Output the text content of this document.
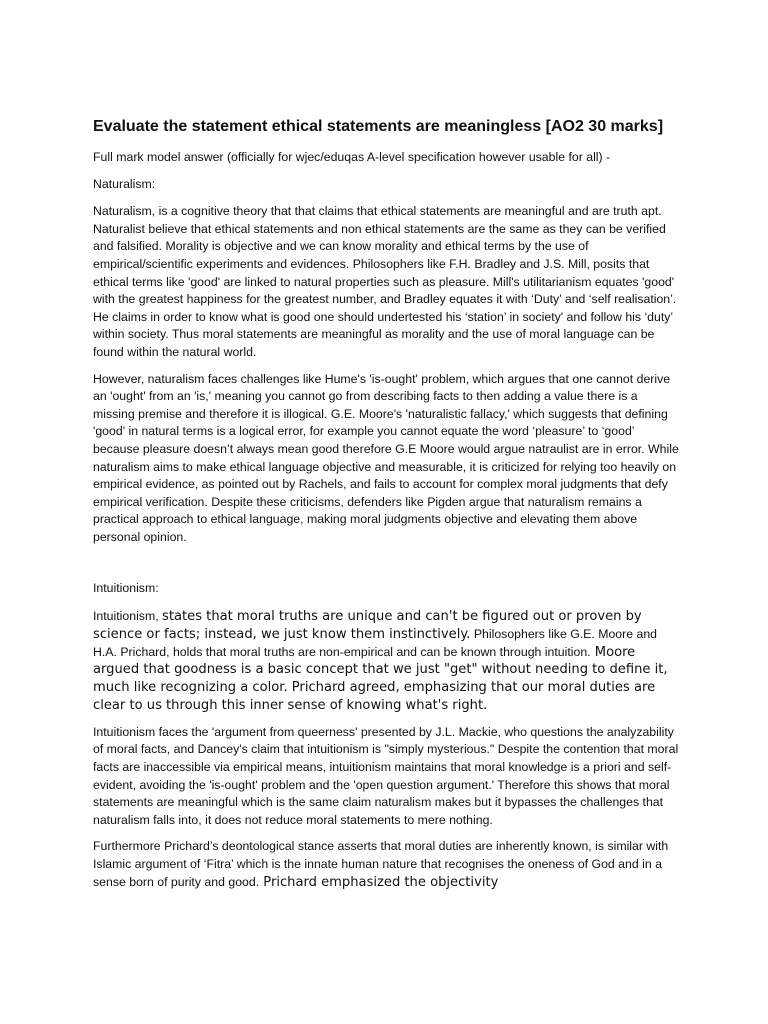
Evaluate the statement ethical statements are meaningless [AO2 30 marks]

Full mark model answer (officially for wjec/eduqas A-level specification however usable for all) -

Naturalism:

Naturalism, is a cognitive theory that that claims that ethical statements are meaningful and are truth apt. Naturalist believe that ethical statements and non ethical statements are the same as they can be verified and falsified. Morality is objective and we can know morality and ethical terms by the use of empirical/scientific experiments and evidences. Philosophers like F.H. Bradley and J.S. Mill, posits that ethical terms like 'good' are linked to natural properties such as pleasure. Mill's utilitarianism equates 'good' with the greatest happiness for the greatest number, and Bradley equates it with ‘Duty’ and ‘self realisation’. He claims in order to know what is good one should undertested his ‘station’ in society' and follow his ‘duty’ within society. Thus moral statements are meaningful as morality and the use of moral language can be found within the natural world.

However, naturalism faces challenges like Hume's 'is-ought' problem, which argues that one cannot derive an 'ought' from an 'is,' meaning you cannot go from describing facts to then adding a value there is a missing premise and therefore it is illogical. G.E. Moore's 'naturalistic fallacy,' which suggests that defining 'good' in natural terms is a logical error, for example you cannot equate the word ‘pleasure’ to ‘good’ because pleasure doesn’t always mean good therefore G.E Moore would argue natraulist are in error. While naturalism aims to make ethical language objective and measurable, it is criticized for relying too heavily on empirical evidence, as pointed out by Rachels, and fails to account for complex moral judgments that defy empirical verification. Despite these criticisms, defenders like Pigden argue that naturalism remains a practical approach to ethical language, making moral judgments objective and elevating them above personal opinion.

Intuitionism:

Intuitionism, states that moral truths are unique and can't be figured out or proven by science or facts; instead, we just know them instinctively. Philosophers like G.E. Moore and H.A. Prichard, holds that moral truths are non-empirical and can be known through intuition. Moore argued that goodness is a basic concept that we just "get" without needing to define it, much like recognizing a color. Prichard agreed, emphasizing that our moral duties are clear to us through this inner sense of knowing what's right.

Intuitionism faces the 'argument from queerness' presented by J.L. Mackie, who questions the analyzability of moral facts, and Dancey's claim that intuitionism is "simply mysterious." Despite the contention that moral facts are inaccessible via empirical means, intuitionism maintains that moral knowledge is a priori and self-evident, avoiding the 'is-ought' problem and the 'open question argument.' Therefore this shows that moral statements are meaningful which is the same claim naturalism makes but it bypasses the challenges that naturalism falls into, it does not reduce moral statements to mere nothing.

Furthermore Prichard’s deontological stance asserts that moral duties are inherently known, is similar with Islamic argument of ‘Fitra’ which is the innate human nature that recognises the oneness of God and in a sense born of purity and good. Prichard emphasized the objectivity
